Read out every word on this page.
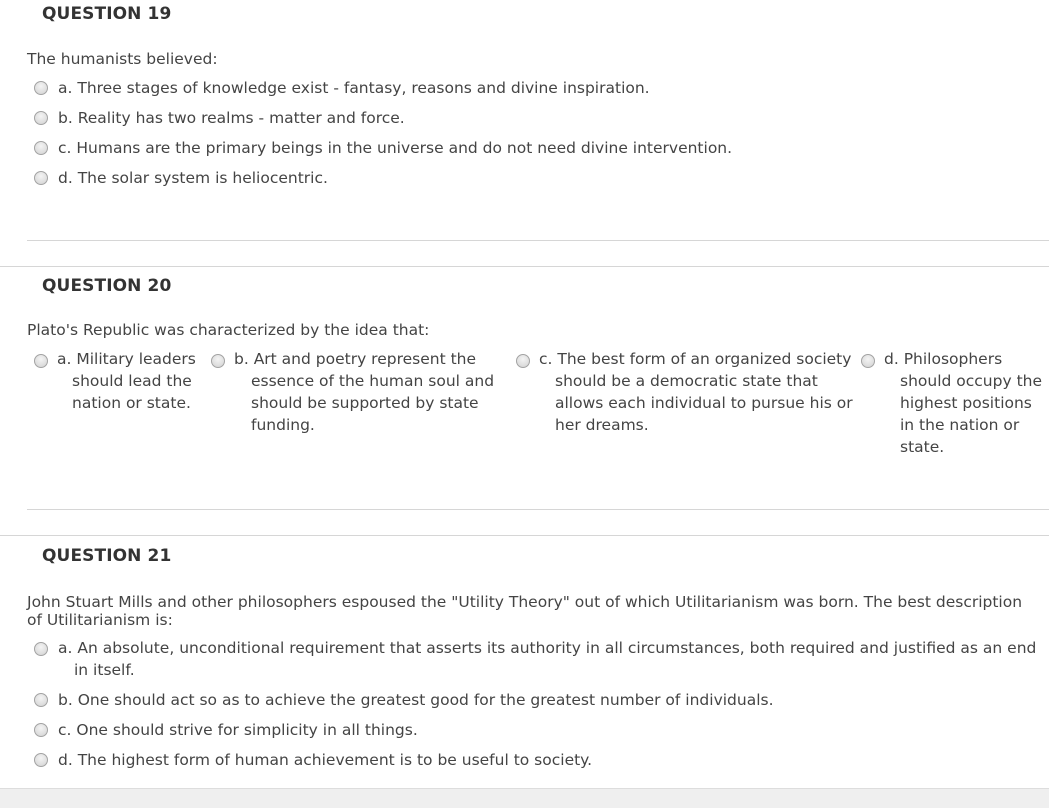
QUESTION 19
The humanists believed:
a. Three stages of knowledge exist - fantasy, reasons and divine inspiration.
b. Reality has two realms - matter and force.
c. Humans are the primary beings in the universe and do not need divine intervention.
d. The solar system is heliocentric.
QUESTION 20
Plato's Republic was characterized by the idea that:
a. Military leaders should lead the nation or state.
b. Art and poetry represent the essence of the human soul and should be supported by state funding.
c. The best form of an organized society should be a democratic state that allows each individual to pursue his or her dreams.
d. Philosophers should occupy the highest positions in the nation or state.
QUESTION 21
John Stuart Mills and other philosophers espoused the "Utility Theory" out of which Utilitarianism was born. The best description of Utilitarianism is:
a. An absolute, unconditional requirement that asserts its authority in all circumstances, both required and justified as an end in itself.
b. One should act so as to achieve the greatest good for the greatest number of individuals.
c. One should strive for simplicity in all things.
d. The highest form of human achievement is to be useful to society.
